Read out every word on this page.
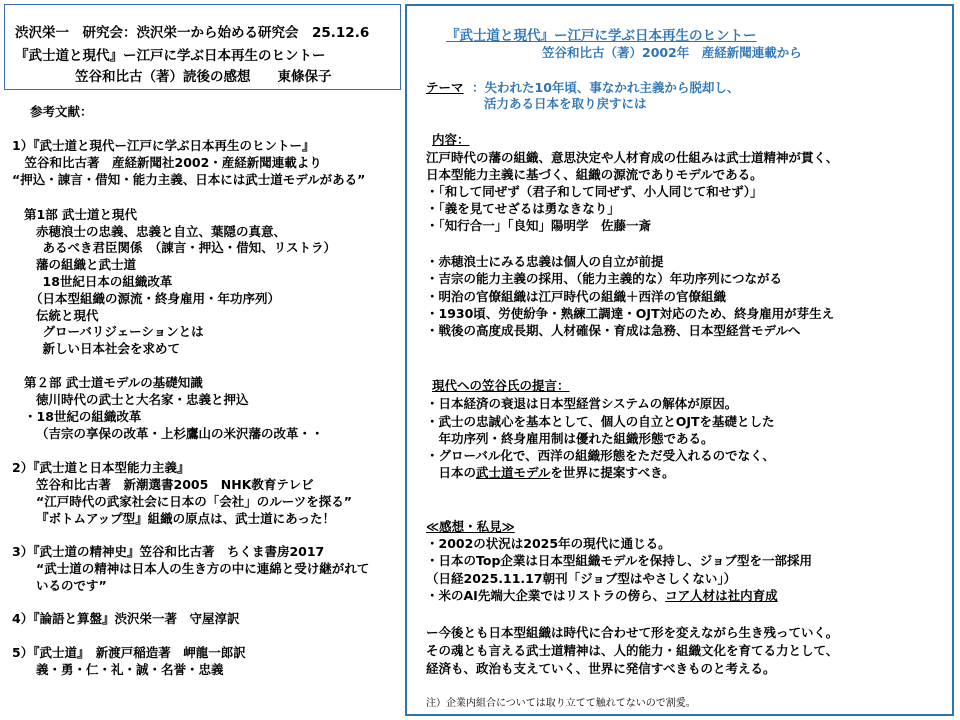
渋沢栄一　研究会：渋沢栄一から始める研究会　25.12.6
『武士道と現代』ー江戸に学ぶ日本再生のヒントー
笠谷和比古（著）読後の感想　　東條保子
参考文献：
1）『武士道と現代ー江戸に学ぶ日本再生のヒントー』
　笠谷和比古著　産経新聞社2002・産経新聞連載より
“押込・諌言・借知・能力主義、日本には武士道モデルがある”
第1部 武士道と現代
赤穂浪士の忠義、忠義と自立、葉隠の真意、
　あるべき君臣関係　（諌言・押込・借知、リストラ）
藩の組織と武士道
　18世紀日本の組織改革
（日本型組織の源流・終身雇用・年功序列）
伝統と現代
　グローバリジェーションとは
　新しい日本社会を求めて
第２部 武士道モデルの基礎知識
徳川時代の武士と大名家・忠義と押込
・18世紀の組織改革
（吉宗の享保の改革・上杉鷹山の米沢藩の改革・・
2）『武士道と日本型能力主義』
笠谷和比古著　新潮選書2005　NHK教育テレビ
“江戸時代の武家社会に日本の「会社」のルーツを探る”
『ボトムアップ型』組織の原点は、武士道にあった！
3）『武士道の精神史』笠谷和比古著　ちくま書房2017
“武士道の精神は日本人の生き方の中に連綿と受け継がれて
いるのです”
4）『論語と算盤』渋沢栄一著　守屋淳訳
5）『武士道』　新渡戸稲造著　岬龍一郎訳
義・勇・仁・礼・誠・名誉・忠義
『武士道と現代』ー江戸に学ぶ日本再生のヒントー
笠谷和比古（著）2002年　産経新聞連載から
テーマ ：失われた10年頃、事なかれ主義から脱却し、
活力ある日本を取り戻すには
内容：
江戸時代の藩の組織、意思決定や人材育成の仕組みは武士道精神が貫く、
日本型能力主義に基づく、組織の源流でありモデルである。
・「和して同ぜず（君子和して同ぜず、小人同じて和せず）」
・「義を見てせざるは勇なきなり」
・「知行合一」「良知」陽明学　佐藤一斎
・赤穂浪士にみる忠義は個人の自立が前提
・吉宗の能力主義の採用、（能力主義的な）年功序列につながる
・明治の官僚組織は江戸時代の組織＋西洋の官僚組織
・1930頃、労使紛争・熟練工調達・OJT対応のため、終身雇用が芽生え
・戦後の高度成長期、人材確保・育成は急務、日本型経営モデルへ
現代への笠谷氏の提言：
・日本経済の衰退は日本型経営システムの解体が原因。
・武士の忠誠心を基本として、個人の自立とOJTを基礎とした
　年功序列・終身雇用制は優れた組織形態である。
・グローバル化で、西洋の組織形態をただ受入れるのでなく、
　日本の武士道モデルを世界に提案すべき。
≪感想・私見≫
・2002の状況は2025年の現代に通じる。
・日本のTop企業は日本型組織モデルを保持し、ジョブ型を一部採用
（日経2025.11.17朝刊「ジョブ型はやさしくない」）
・米のAI先端大企業ではリストラの傍ら、コア人材は社内育成
ー今後とも日本型組織は時代に合わせて形を変えながら生き残っていく。
その魂とも言える武士道精神は、人的能力・組織文化を育てる力として、
経済も、政治も支えていく、世界に発信すべきものと考える。
注）企業内組合については取り立てて触れてないので割愛。
